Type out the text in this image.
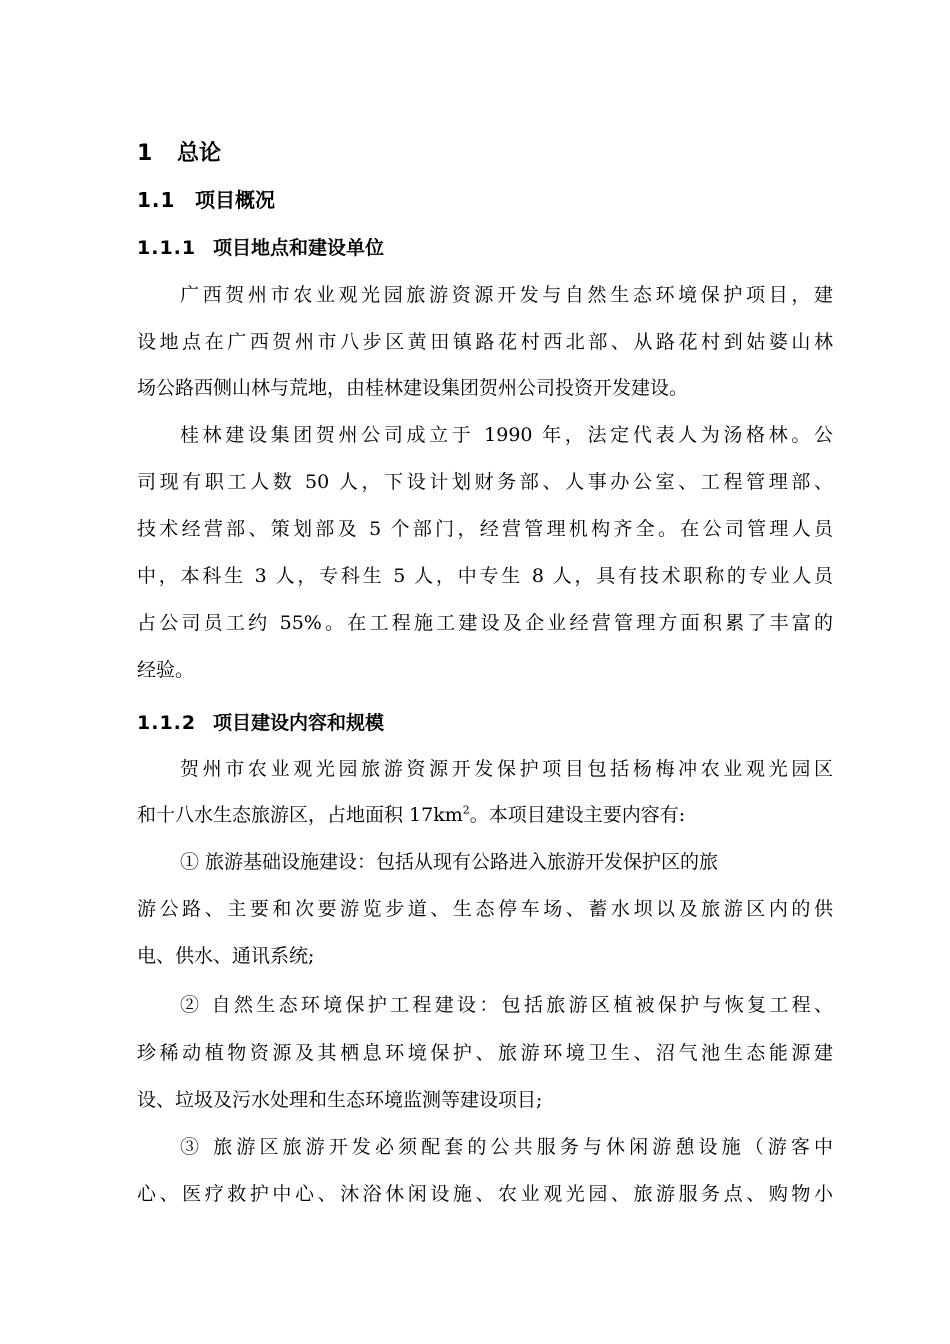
1 总论
1.1 项目概况
1.1.1 项目地点和建设单位
广西贺州市农业观光园旅游资源开发与自然生态环境保护项目，建
设地点在广西贺州市八步区黄田镇路花村西北部、从路花村到姑婆山林
场公路西侧山林与荒地，由桂林建设集团贺州公司投资开发建设。
桂林建设集团贺州公司成立于 1990 年，法定代表人为汤格林。公
司现有职工人数 50 人，下设计划财务部、人事办公室、工程管理部、
技术经营部、策划部及 5 个部门，经营管理机构齐全。在公司管理人员
中，本科生 3 人，专科生 5 人，中专生 8 人，具有技术职称的专业人员
占公司员工约 55%。在工程施工建设及企业经营管理方面积累了丰富的
经验。
1.1.2 项目建设内容和规模
贺州市农业观光园旅游资源开发保护项目包括杨梅冲农业观光园区
和十八水生态旅游区，占地面积 $17km^2$。本项目建设主要内容有:
① 旅游基础设施建设：包括从现有公路进入旅游开发保护区的旅
游公路、主要和次要游览步道、生态停车场、蓄水坝以及旅游区内的供
电、供水、通讯系统;
② 自然生态环境保护工程建设：包括旅游区植被保护与恢复工程、
珍稀动植物资源及其栖息环境保护、旅游环境卫生、沼气池生态能源建
设、垃圾及污水处理和生态环境监测等建设项目;
③ 旅游区旅游开发必须配套的公共服务与休闲游憩设施（游客中
心、医疗救护中心、沐浴休闲设施、农业观光园、旅游服务点、购物小
